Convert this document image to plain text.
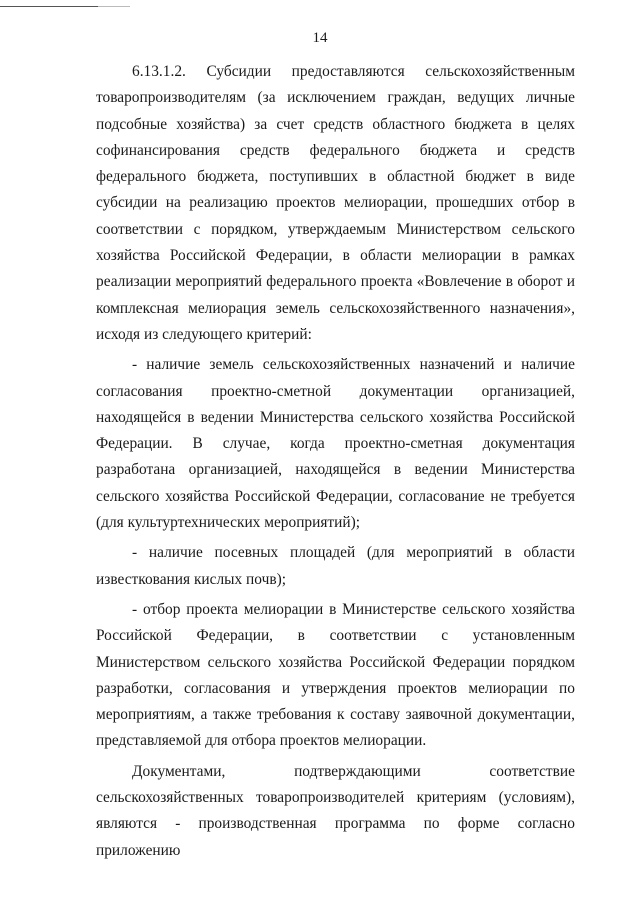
14

6.13.1.2. Субсидии предоставляются сельскохозяйственным товаропроизводителям (за исключением граждан, ведущих личные подсобные хозяйства) за счет средств областного бюджета в целях софинансирования средств федерального бюджета и средств федерального бюджета, поступивших в областной бюджет в виде субсидии на реализацию проектов мелиорации, прошедших отбор в соответствии с порядком, утверждаемым Министерством сельского хозяйства Российской Федерации, в области мелиорации в рамках реализации мероприятий федерального проекта «Вовлечение в оборот и комплексная мелиорация земель сельскохозяйственного назначения», исходя из следующего критерий:

- наличие земель сельскохозяйственных назначений и наличие согласования проектно-сметной документации организацией, находящейся в ведении Министерства сельского хозяйства Российской Федерации. В случае, когда проектно-сметная документация разработана организацией, находящейся в ведении Министерства сельского хозяйства Российской Федерации, согласование не требуется (для культуртехнических мероприятий);

- наличие посевных площадей (для мероприятий в области известкования кислых почв);

- отбор проекта мелиорации в Министерстве сельского хозяйства Российской Федерации, в соответствии с установленным Министерством сельского хозяйства Российской Федерации порядком разработки, согласования и утверждения проектов мелиорации по мероприятиям, а также требования к составу заявочной документации, представляемой для отбора проектов мелиорации.

Документами, подтверждающими соответствие сельскохозяйственных товаропроизводителей критериям (условиям), являются - производственная программа по форме согласно приложению
